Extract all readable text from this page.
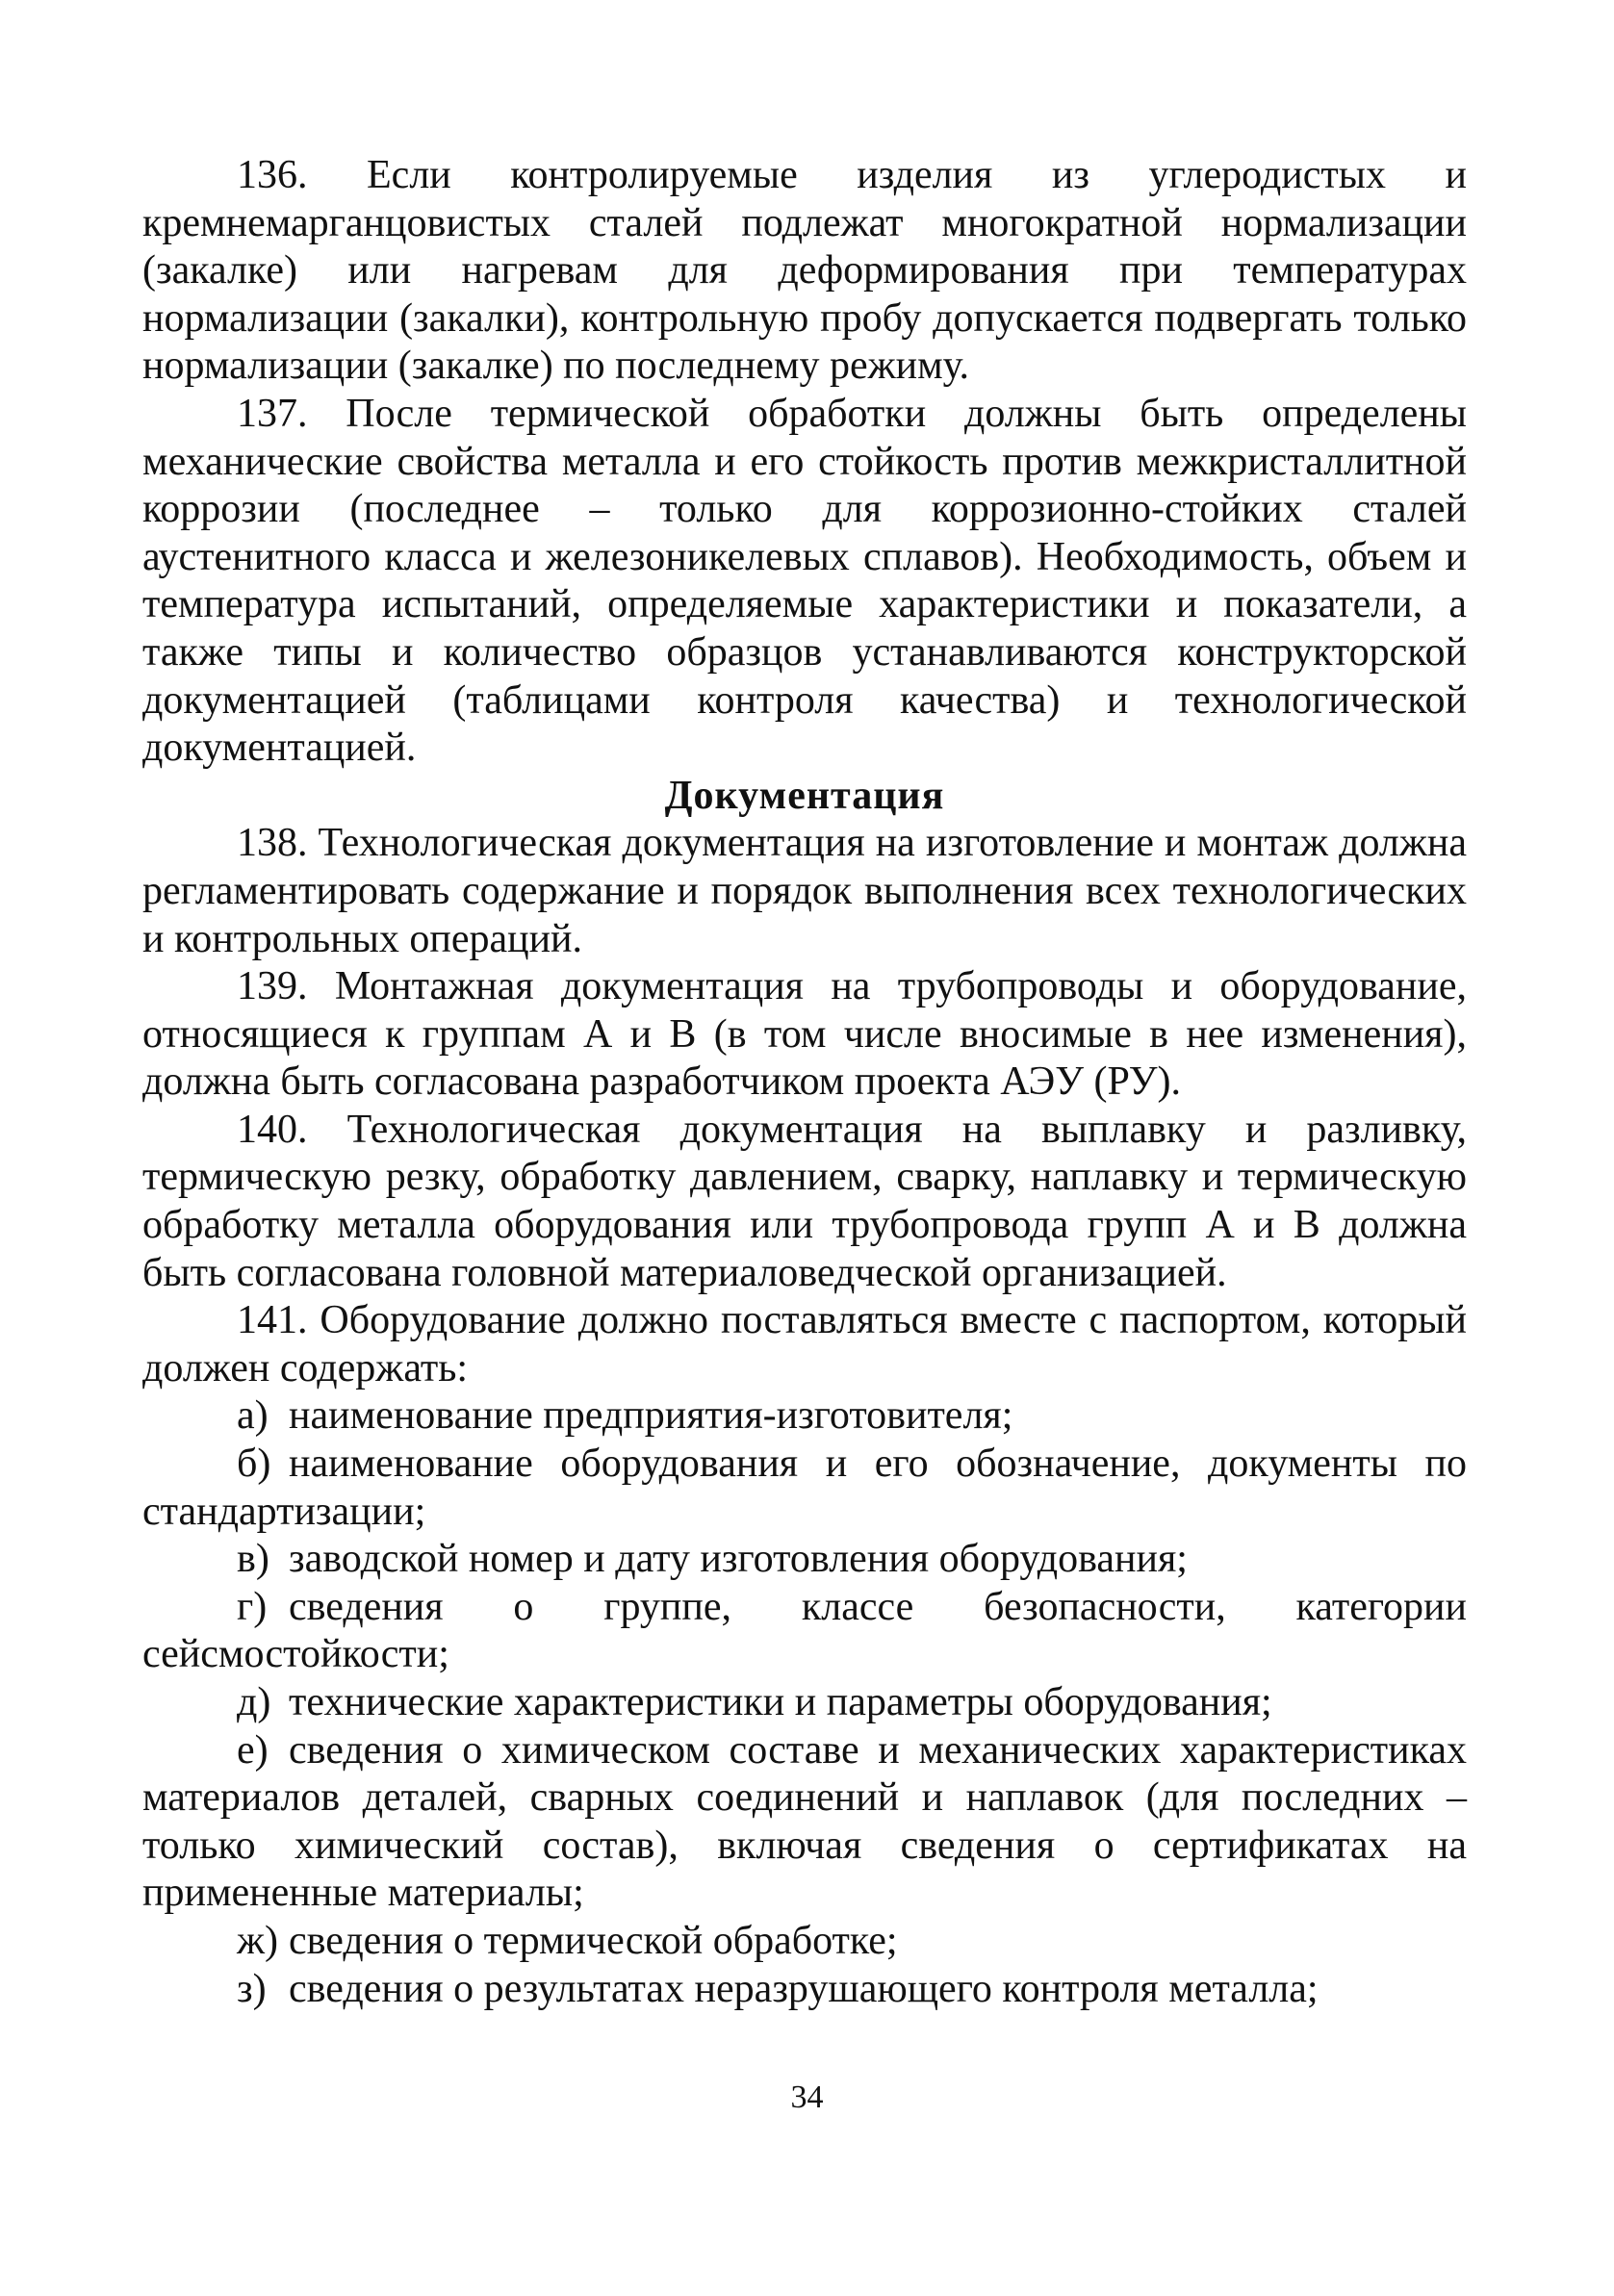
136. Если контролируемые изделия из углеродистых и кремнемарганцовистых сталей подлежат многократной нормализации (закалке) или нагревам для деформирования при температурах нормализации (закалки), контрольную пробу допускается подвергать только нормализации (закалке) по последнему режиму.

137. После термической обработки должны быть определены механические свойства металла и его стойкость против межкристаллитной коррозии (последнее – только для коррозионно-стойких сталей аустенитного класса и железоникелевых сплавов). Необходимость, объем и температура испытаний, определяемые характеристики и показатели, а также типы и количество образцов устанавливаются конструкторской документацией (таблицами контроля качества) и технологической документацией.

Документация

138. Технологическая документация на изготовление и монтаж должна регламентировать содержание и порядок выполнения всех технологических и контрольных операций.

139. Монтажная документация на трубопроводы и оборудование, относящиеся к группам А и В (в том числе вносимые в нее изменения), должна быть согласована разработчиком проекта АЭУ (РУ).

140. Технологическая документация на выплавку и разливку, термическую резку, обработку давлением, сварку, наплавку и термическую обработку металла оборудования или трубопровода групп А и В должна быть согласована головной материаловедческой организацией.

141. Оборудование должно поставляться вместе с паспортом, который должен содержать:

а) наименование предприятия-изготовителя;

б) наименование оборудования и его обозначение, документы по стандартизации;

в) заводской номер и дату изготовления оборудования;

г) сведения о группе, классе безопасности, категории сейсмостойкости;

д) технические характеристики и параметры оборудования;

е) сведения о химическом составе и механических характеристиках материалов деталей, сварных соединений и наплавок (для последних – только химический состав), включая сведения о сертификатах на примененные материалы;

ж) сведения о термической обработке;

з) сведения о результатах неразрушающего контроля металла;

34
